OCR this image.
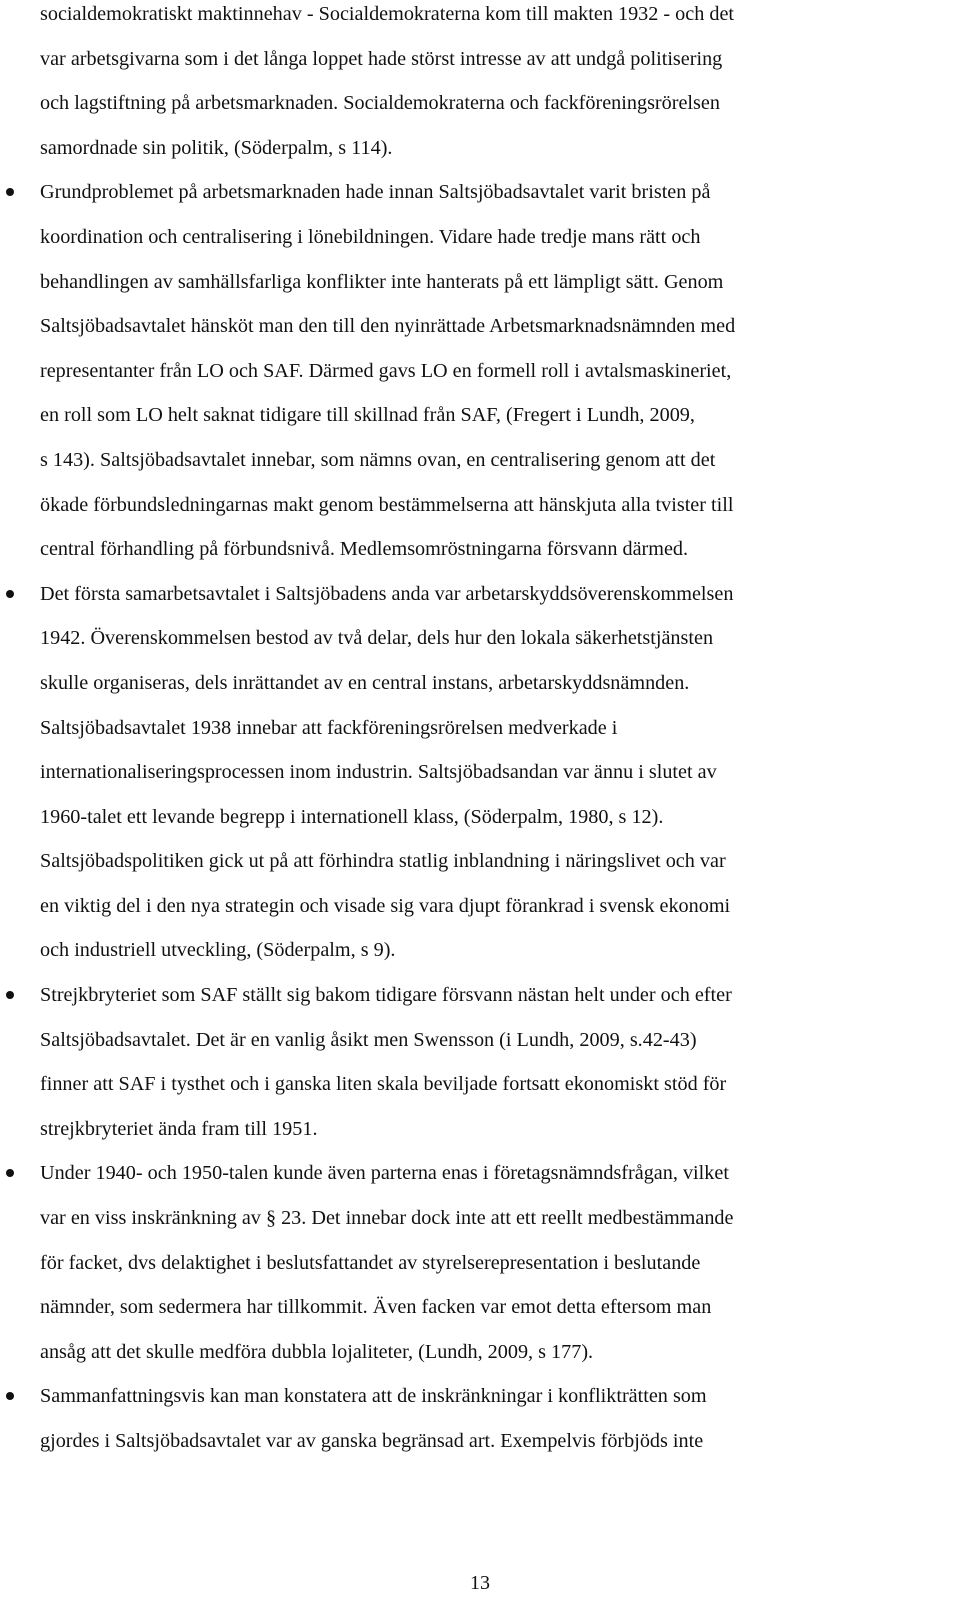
socialdemokratiskt maktinnehav - Socialdemokraterna kom till makten 1932 - och det
var arbetsgivarna som i det långa loppet hade störst intresse av att undgå politisering
och lagstiftning på arbetsmarknaden. Socialdemokraterna och fackföreningsrörelsen
samordnade sin politik, (Söderpalm, s 114).
Grundproblemet på arbetsmarknaden hade innan Saltsjöbadsavtalet varit bristen på
koordination och centralisering i lönebildningen. Vidare hade tredje mans rätt och
behandlingen av samhällsfarliga konflikter inte hanterats på ett lämpligt sätt. Genom
Saltsjöbadsavtalet hänsköt man den till den nyinrättade Arbetsmarknadsnämnden med
representanter från LO och SAF. Därmed gavs LO en formell roll i avtalsmaskineriet,
en roll som LO helt saknat tidigare till skillnad från SAF, (Fregert i Lundh, 2009,
s 143). Saltsjöbadsavtalet innebar, som nämns ovan, en centralisering genom att det
ökade förbundsledningarnas makt genom bestämmelserna att hänskjuta alla tvister till
central förhandling på förbundsnivå. Medlemsomröstningarna försvann därmed.
Det första samarbetsavtalet i Saltsjöbadens anda var arbetarskyddsöverenskommelsen
1942. Överenskommelsen bestod av två delar, dels hur den lokala säkerhetstjänsten
skulle organiseras, dels inrättandet av en central instans, arbetarskyddsnämnden.
Saltsjöbadsavtalet 1938 innebar att fackföreningsrörelsen medverkade i
internationaliseringsprocessen inom industrin. Saltsjöbadsandan var ännu i slutet av
1960-talet ett levande begrepp i internationell klass, (Söderpalm, 1980, s 12).
Saltsjöbadspolitiken gick ut på att förhindra statlig inblandning i näringslivet och var
en viktig del i den nya strategin och visade sig vara djupt förankrad i svensk ekonomi
och industriell utveckling, (Söderpalm, s 9).
Strejkbryteriet som SAF ställt sig bakom tidigare försvann nästan helt under och efter
Saltsjöbadsavtalet. Det är en vanlig åsikt men Swensson (i Lundh, 2009, s.42-43)
finner att SAF i tysthet och i ganska liten skala beviljade fortsatt ekonomiskt stöd för
strejkbryteriet ända fram till 1951.
Under 1940- och 1950-talen kunde även parterna enas i företagsnämndsfrågan, vilket
var en viss inskränkning av § 23. Det innebar dock inte att ett reellt medbestämmande
för facket, dvs delaktighet i beslutsfattandet av styrelserepresentation i beslutande
nämnder, som sedermera har tillkommit. Även facken var emot detta eftersom man
ansåg att det skulle medföra dubbla lojaliteter, (Lundh, 2009, s 177).
Sammanfattningsvis kan man konstatera att de inskränkningar i konflikträtten som
gjordes i Saltsjöbadsavtalet var av ganska begränsad art. Exempelvis förbjöds inte
13
